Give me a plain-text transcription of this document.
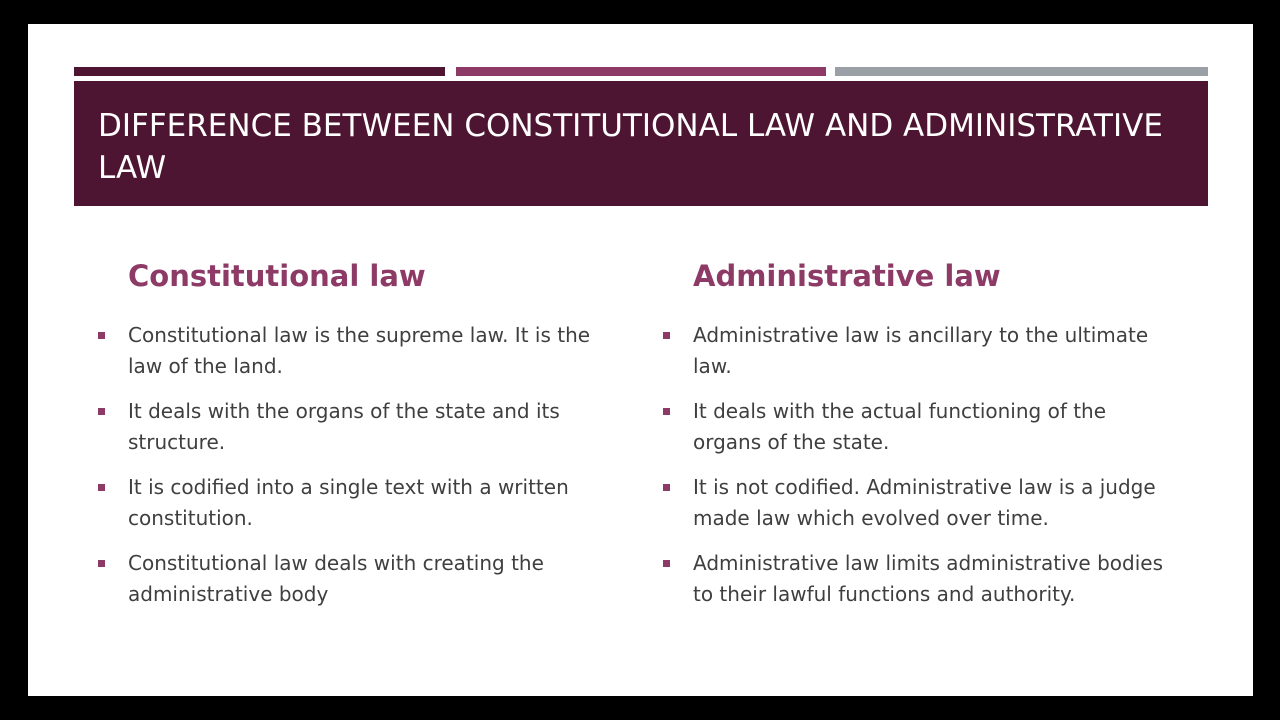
DIFFERENCE BETWEEN CONSTITUTIONAL LAW AND ADMINISTRATIVE LAW
Constitutional law
Constitutional law is the supreme law. It is the law of the land.
It deals with the organs of the state and its structure.
It is codified into a single text with a written constitution.
Constitutional law deals with creating the administrative body
Administrative law
Administrative law is ancillary to the ultimate law.
It deals with the actual functioning of the organs of the state.
It is not codified. Administrative law is a judge made law which evolved over time.
Administrative law limits administrative bodies to their lawful functions and authority.
